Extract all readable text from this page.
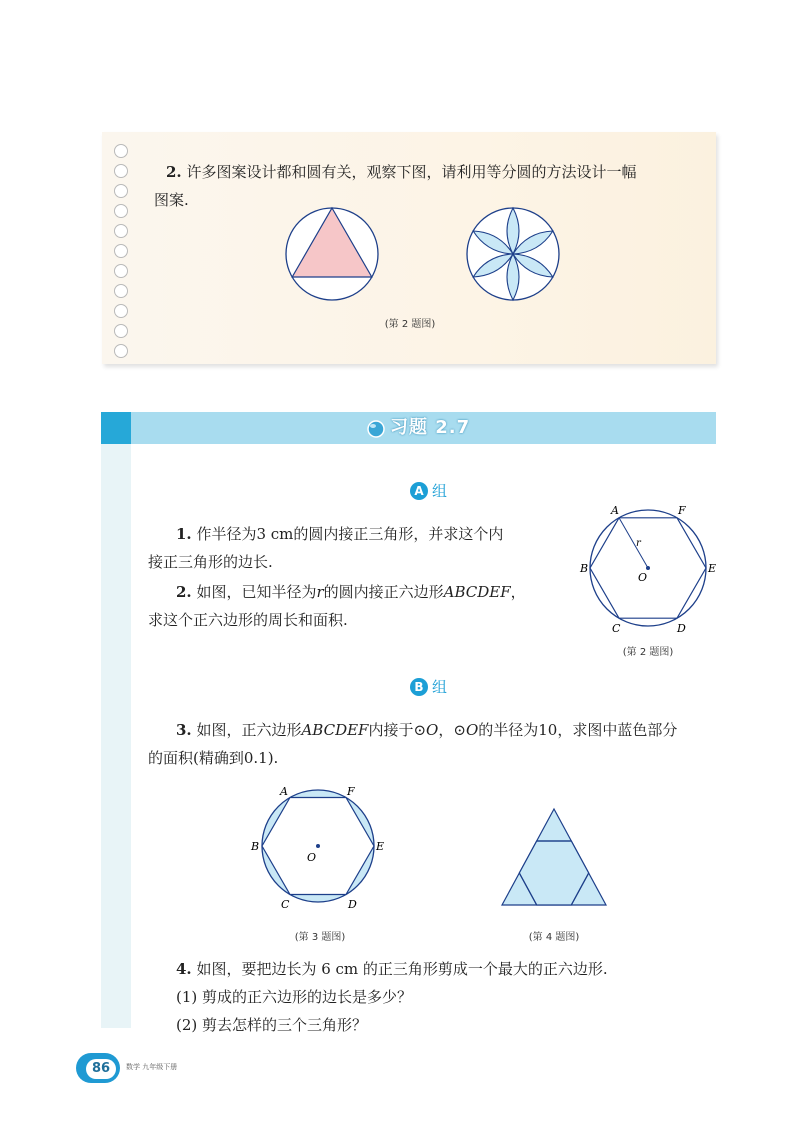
2. 许多图案设计都和圆有关，观察下图，请利用等分圆的方法设计一幅
图案.
(第 2 题图)
习题 2.7
A 组
1. 作半径为3 cm的圆内接正三角形，并求这个内
接正三角形的边长.
2. 如图，已知半径为r的圆内接正六边形ABCDEF，
求这个正六边形的周长和面积.
A	F
B	E
C	D
O
r
(第 2 题图)
B 组
3. 如图，正六边形ABCDEF内接于⊙O，⊙O的半径为10，求图中蓝色部分
的面积(精确到0.1).
A	F
B	E
C	D
O
(第 3 题图)	(第 4 题图)
4. 如图，要把边长为 6 cm 的正三角形剪成一个最大的正六边形.
(1) 剪成的正六边形的边长是多少？
(2) 剪去怎样的三个三角形？
86	数学 九年级下册
